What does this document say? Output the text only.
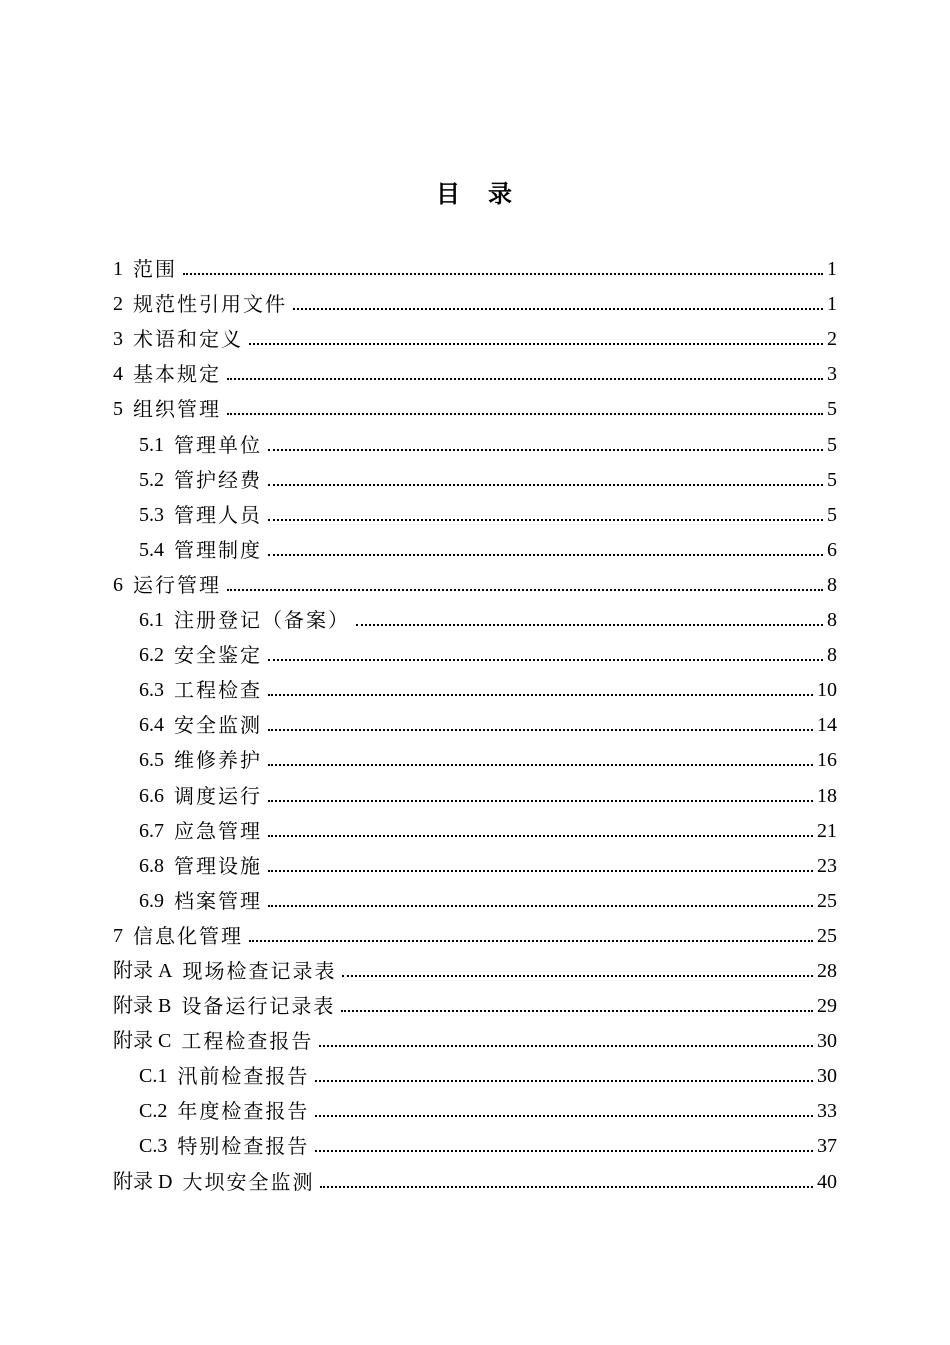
目　录
1 范围	1
2 规范性引用文件	1
3 术语和定义	2
4 基本规定	3
5 组织管理	5
5.1 管理单位	5
5.2 管护经费	5
5.3 管理人员	5
5.4 管理制度	6
6 运行管理	8
6.1 注册登记（备案）	8
6.2 安全鉴定	8
6.3 工程检查	10
6.4 安全监测	14
6.5 维修养护	16
6.6 调度运行	18
6.7 应急管理	21
6.8 管理设施	23
6.9 档案管理	25
7 信息化管理	25
附录 A 现场检查记录表	28
附录 B 设备运行记录表	29
附录 C 工程检查报告	30
C.1 汛前检查报告	30
C.2 年度检查报告	33
C.3 特别检查报告	37
附录 D 大坝安全监测	40
